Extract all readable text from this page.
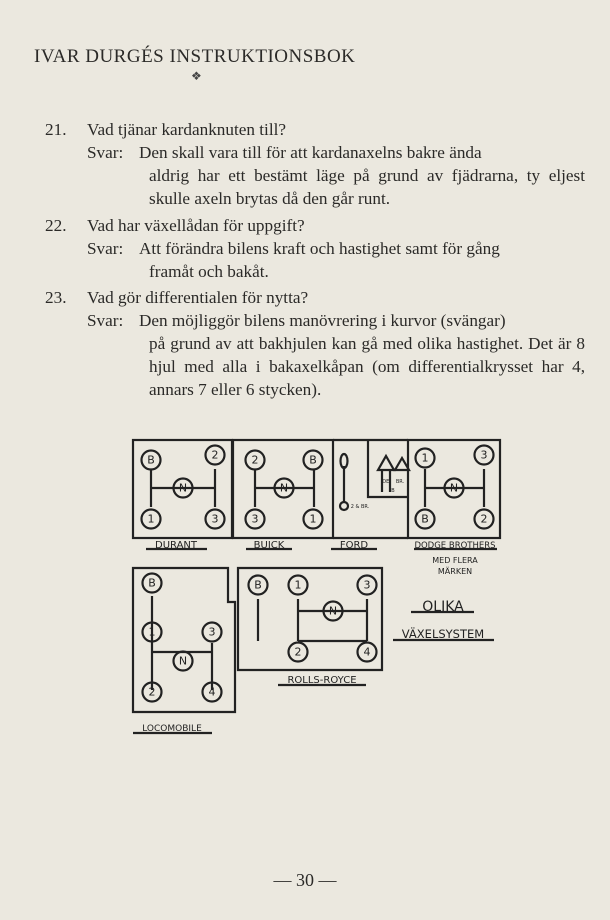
IVAR DURGÉS INSTRUKTIONSBOK
❖
21.	Vad tjänar kardanknuten till?
Svar: Den skall vara till för att kardanaxelns bakre ända
aldrig har ett bestämt läge på grund av fjädrarna, ty eljest skulle axeln brytas då den går runt.
22.	Vad har växellådan för uppgift?
Svar: Att förändra bilens kraft och hastighet samt för gång
framåt och bakåt.
23.	Vad gör differentialen för nytta?
Svar: Den möjliggör bilens manövrering i kurvor (svängar)
på grund av att bakhjulen kan gå med olika hastighet. Det är 8 hjul med alla i bakaxelkåpan (om differentialkrysset har 4, annars 7 eller 6 stycken).
B	2
N
1	3
2	B
N
3	1
1	3
N
B	2
B
1	3
N
2	4
B	1	3
N
2	4
IDE BR.
B
2 & BR.
DURANT	BUICK	FORD	DODGE BROTHERS
MED FLERA
MÄRKEN
LOCOMOBILE
ROLLS-ROYCE
OLIKA
VÄXELSYSTEM
— 30 —
